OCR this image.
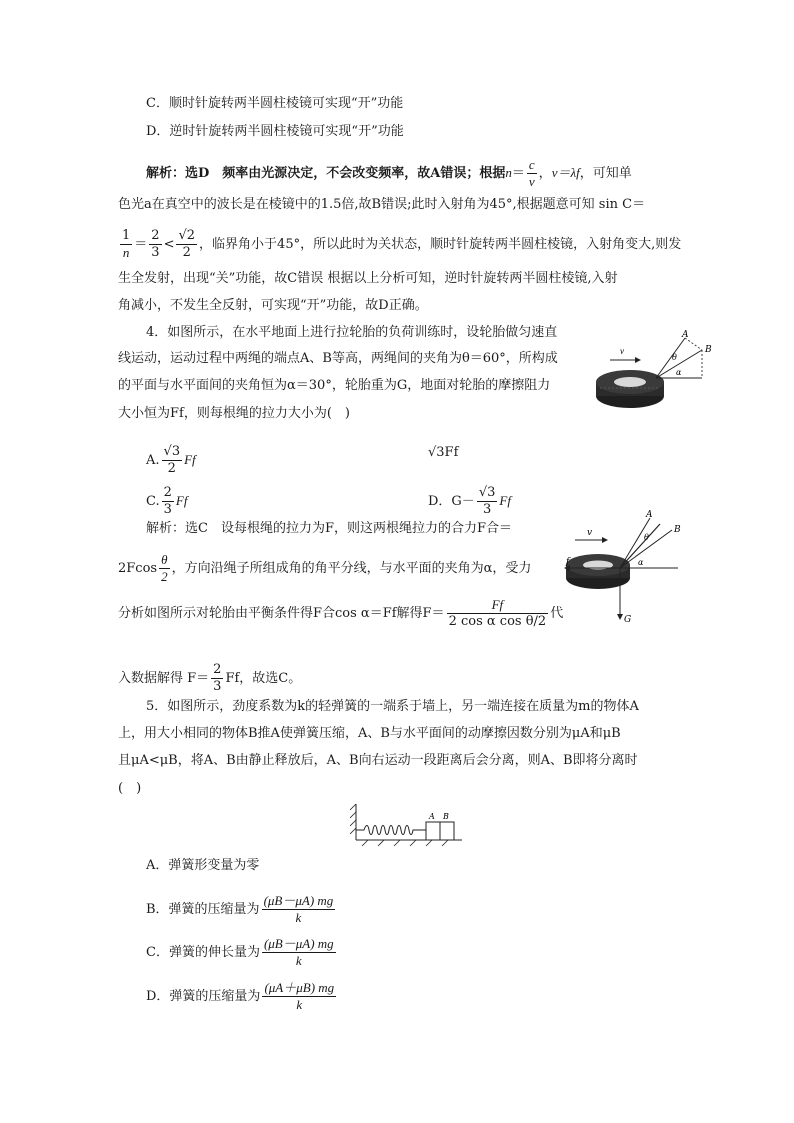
C．顺时针旋转两半圆柱棱镜可实现“开”功能
D．逆时针旋转两半圆柱棱镜可实现“开”功能
解析：选D　频率由光源决定，不会改变频率，故A错误；根据$n= \frac{c}{v}$ ，v＝λf，可知单
色光a在真空中的波长是在棱镜中的1.5倍,故B错误;此时入射角为45°,根据题意可知 sin C＝
$\frac{1}{n} = \frac{2}{3} < \frac{√2}{2}$ ，临界角小于45°，所以此时为关状态，顺时针旋转两半圆柱棱镜，入射角变大,则发
生全发射，出现“关”功能，故C错误 根据以上分析可知，逆时针旋转两半圆柱棱镜,入射
角减小，不发生全反射，可实现“开”功能，故D正确。
4．如图所示，在水平地面上进行拉轮胎的负荷训练时，设轮胎做匀速直
线运动，运动过程中两绳的端点A、B等高，两绳间的夹角为θ＝60°，所构成
的平面与水平面间的夹角恒为α＝30°，轮胎重为G，地面对轮胎的摩擦阻力
大小恒为Ff，则每根绳的拉力大小为(　)
v
A
B
θ
α
A. $\frac{√3}{2}$ Ff	√3Ff
C. $\frac{2}{3}$ Ff	D．$G- \frac{√3}{3}$ Ff
解析：选C　设每根绳的拉力为F，则这两根绳拉力的合力F合＝
$2Fcos \frac{\theta}{2}$ ，方向沿绳子所组成角的角平分线，与水平面的夹角为α，受力
分析如图所示对轮胎由平衡条件得F合cos α＝Ff解得$F= \frac{Ff}{\text{2 cos α cos θ/2}}$ 代
入数据解得 $F= \frac{2}{3}$ Ff，故选C。
v
A
B
f
G
α
θ
5．如图所示，劲度系数为k的轻弹簧的一端系于墙上，另一端连接在质量为m的物体A
上，用大小相同的物体B推A使弹簧压缩，A、B与水平面间的动摩擦因数分别为μA和μB
且μA<μB，将A、B由静止释放后，A、B向右运动一段距离后会分离，则A、B即将分离时
(　)
A B
A．弹簧形变量为零
B．弹簧的压缩量为 $\frac{(\mu B-\mu A) mg}{k}$
C．弹簧的伸长量为 $\frac{(\mu B-\mu A) mg}{k}$
D．弹簧的压缩量为 $\frac{(\mu A+\mu B) mg}{k}$
